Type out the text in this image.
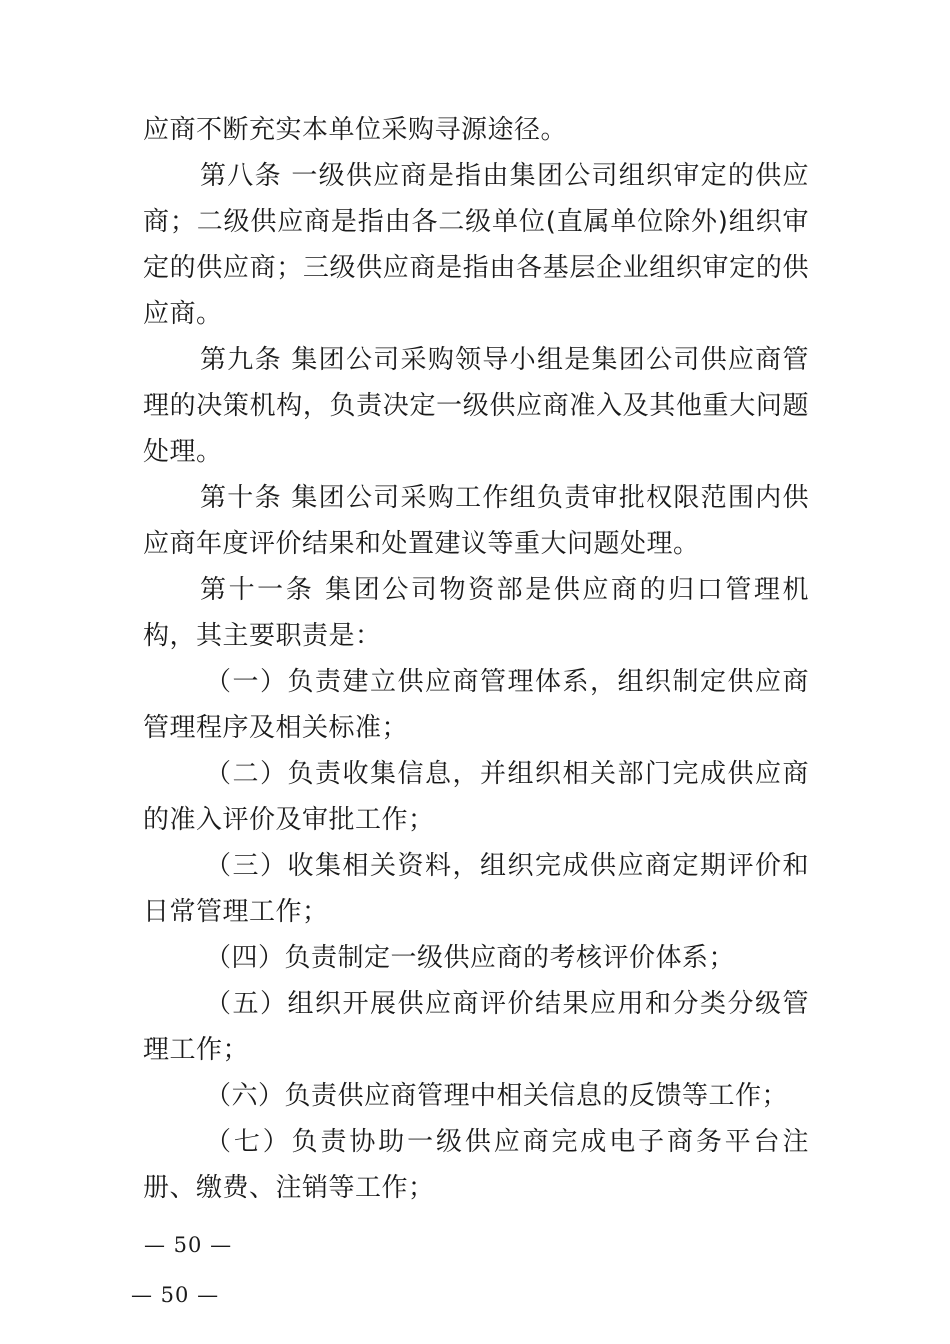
应商不断充实本单位采购寻源途径。

第八条 一级供应商是指由集团公司组织审定的供应商；二级供应商是指由各二级单位(直属单位除外)组织审定的供应商；三级供应商是指由各基层企业组织审定的供应商。

第九条 集团公司采购领导小组是集团公司供应商管理的决策机构，负责决定一级供应商准入及其他重大问题处理。

第十条 集团公司采购工作组负责审批权限范围内供应商年度评价结果和处置建议等重大问题处理。

第十一条 集团公司物资部是供应商的归口管理机构，其主要职责是：

（一）负责建立供应商管理体系，组织制定供应商管理程序及相关标准；

（二）负责收集信息，并组织相关部门完成供应商的准入评价及审批工作；

（三）收集相关资料，组织完成供应商定期评价和日常管理工作；

（四）负责制定一级供应商的考核评价体系；

（五）组织开展供应商评价结果应用和分类分级管理工作；

（六）负责供应商管理中相关信息的反馈等工作；

（七）负责协助一级供应商完成电子商务平台注册、缴费、注销等工作；

— 50 —
— 50 —
